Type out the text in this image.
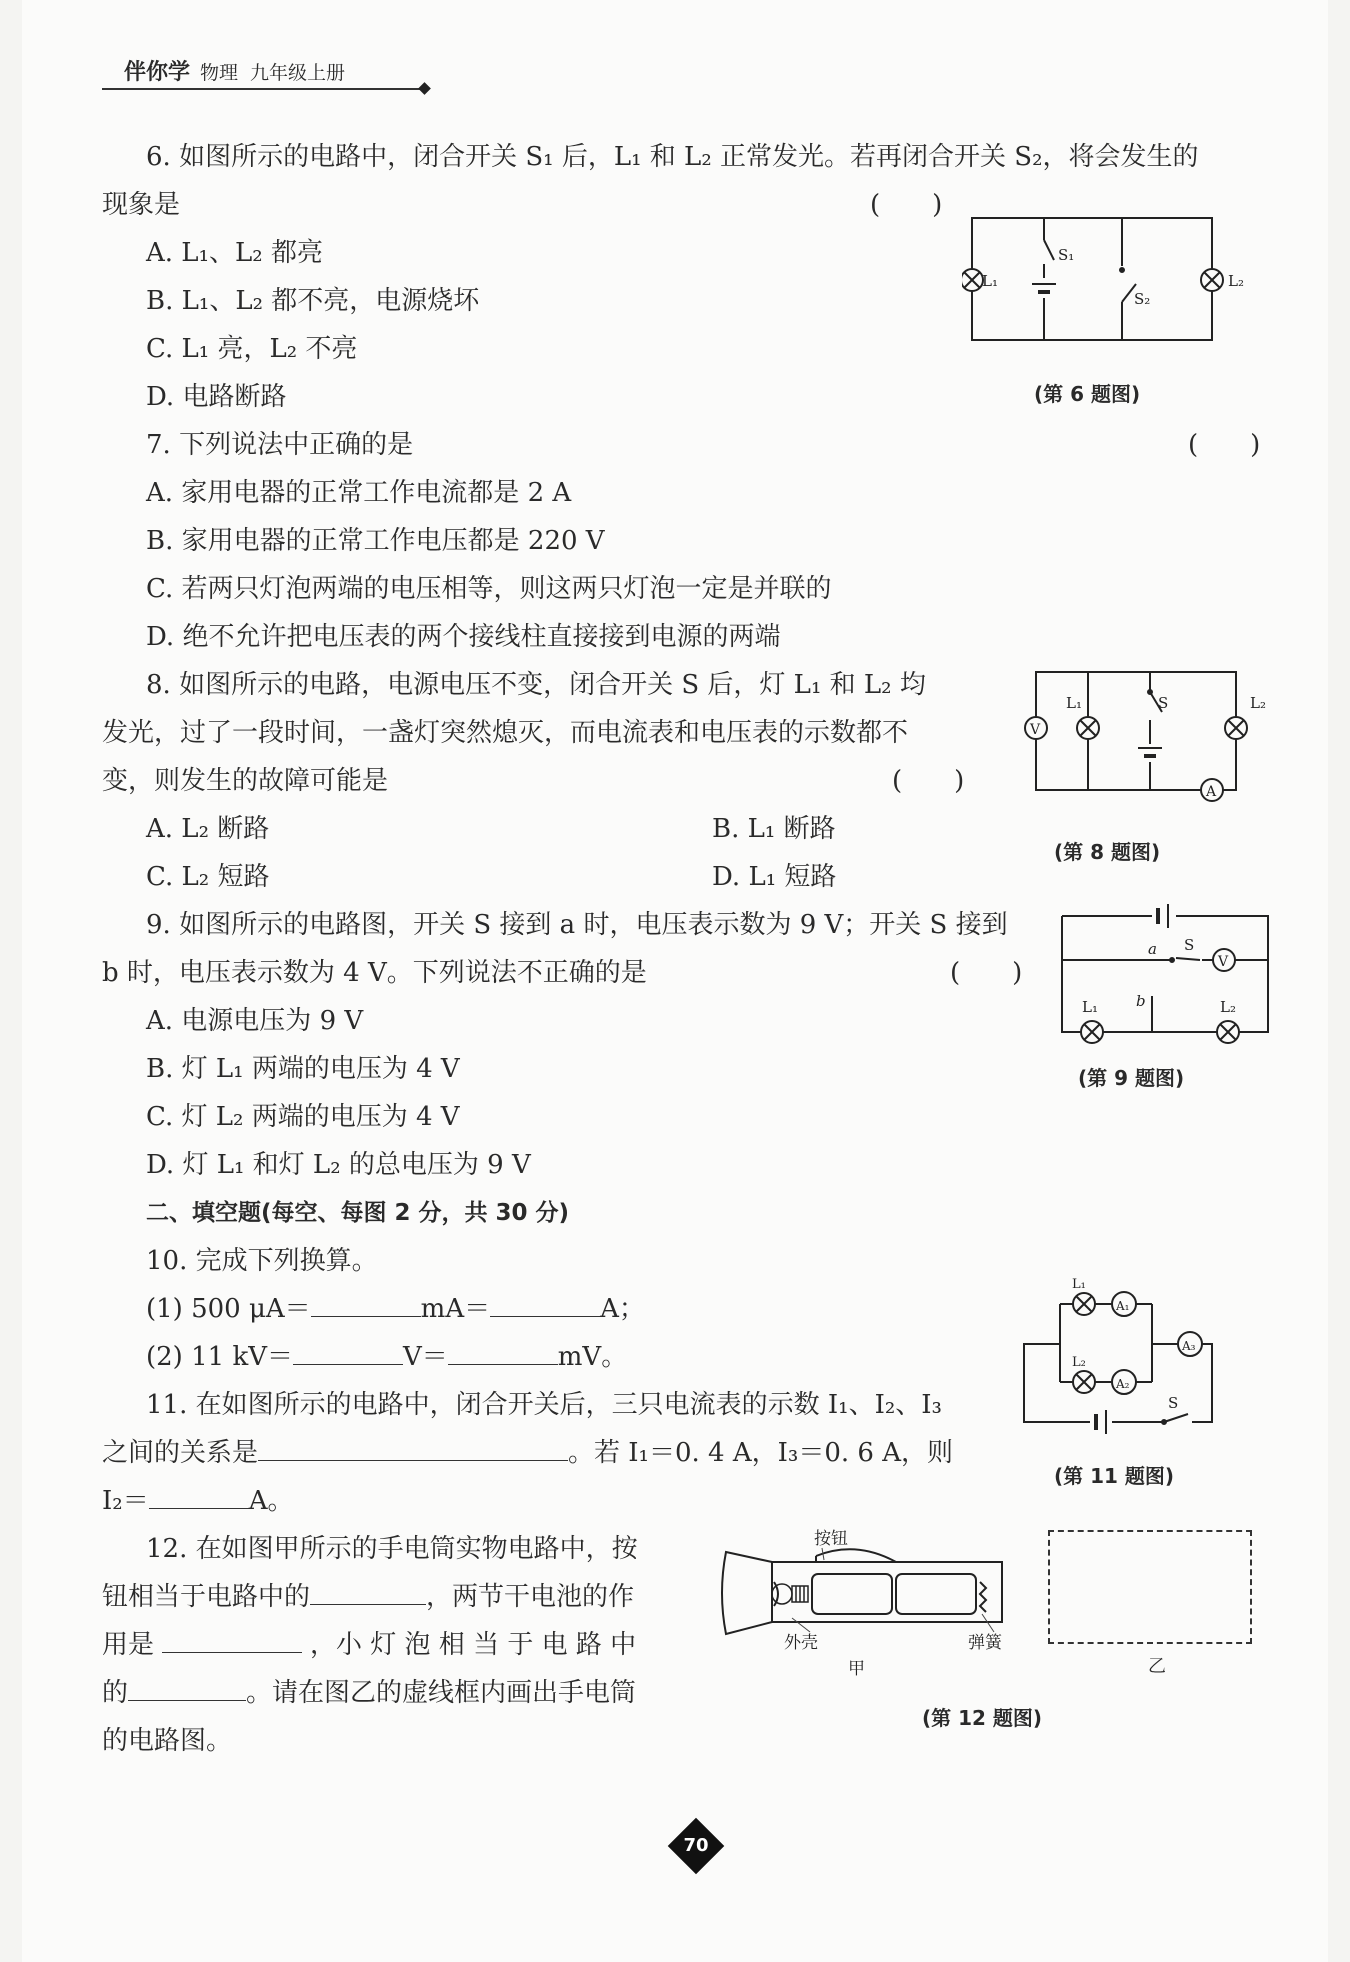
伴你学 物理 九年级上册
6. 如图所示的电路中，闭合开关 S₁ 后，L₁ 和 L₂ 正常发光。若再闭合开关 S₂，将会发生的
现象是	(　　)
A. L₁、L₂ 都亮
B. L₁、L₂ 都不亮，电源烧坏
C. L₁ 亮，L₂ 不亮
D. 电路断路
L₁
S₁
S₂
L₂
(第 6 题图)
7. 下列说法中正确的是	(　　)
A. 家用电器的正常工作电流都是 2 A
B. 家用电器的正常工作电压都是 220 V
C. 若两只灯泡两端的电压相等，则这两只灯泡一定是并联的
D. 绝不允许把电压表的两个接线柱直接接到电源的两端
8. 如图所示的电路，电源电压不变，闭合开关 S 后，灯 L₁ 和 L₂ 均
发光，过了一段时间，一盏灯突然熄灭，而电流表和电压表的示数都不
变，则发生的故障可能是	(　　)
A. L₂ 断路	B. L₁ 断路
C. L₂ 短路	D. L₁ 短路
V
A
L₁	S	L₂
(第 8 题图)
9. 如图所示的电路图，开关 S 接到 a 时，电压表示数为 9 V；开关 S 接到
b 时，电压表示数为 4 V。下列说法不正确的是	(　　)
A. 电源电压为 9 V
B. 灯 L₁ 两端的电压为 4 V
C. 灯 L₂ 两端的电压为 4 V
D. 灯 L₁ 和灯 L₂ 的总电压为 9 V
a S
V
b
L₁	L₂
(第 9 题图)
二、填空题(每空、每图 2 分，共 30 分)
10. 完成下列换算。
(1) 500 μA＝	mA＝	A；
(2) 11 kV＝	V＝	mV。
11. 在如图所示的电路中，闭合开关后，三只电流表的示数 I₁、I₂、I₃
之间的关系是	。若 I₁＝0. 4 A，I₃＝0. 6 A，则
I₂＝	A。
L₁
A₁
L₂
A₂
A₃
S
(第 11 题图)
12. 在如图甲所示的手电筒实物电路中，按
钮相当于电路中的	，两节干电池的作
用是	，小 灯 泡 相 当 于 电 路 中
的	。请在图乙的虚线框内画出手电筒
的电路图。
按钮
外壳	弹簧
甲	乙
(第 12 题图)
70
